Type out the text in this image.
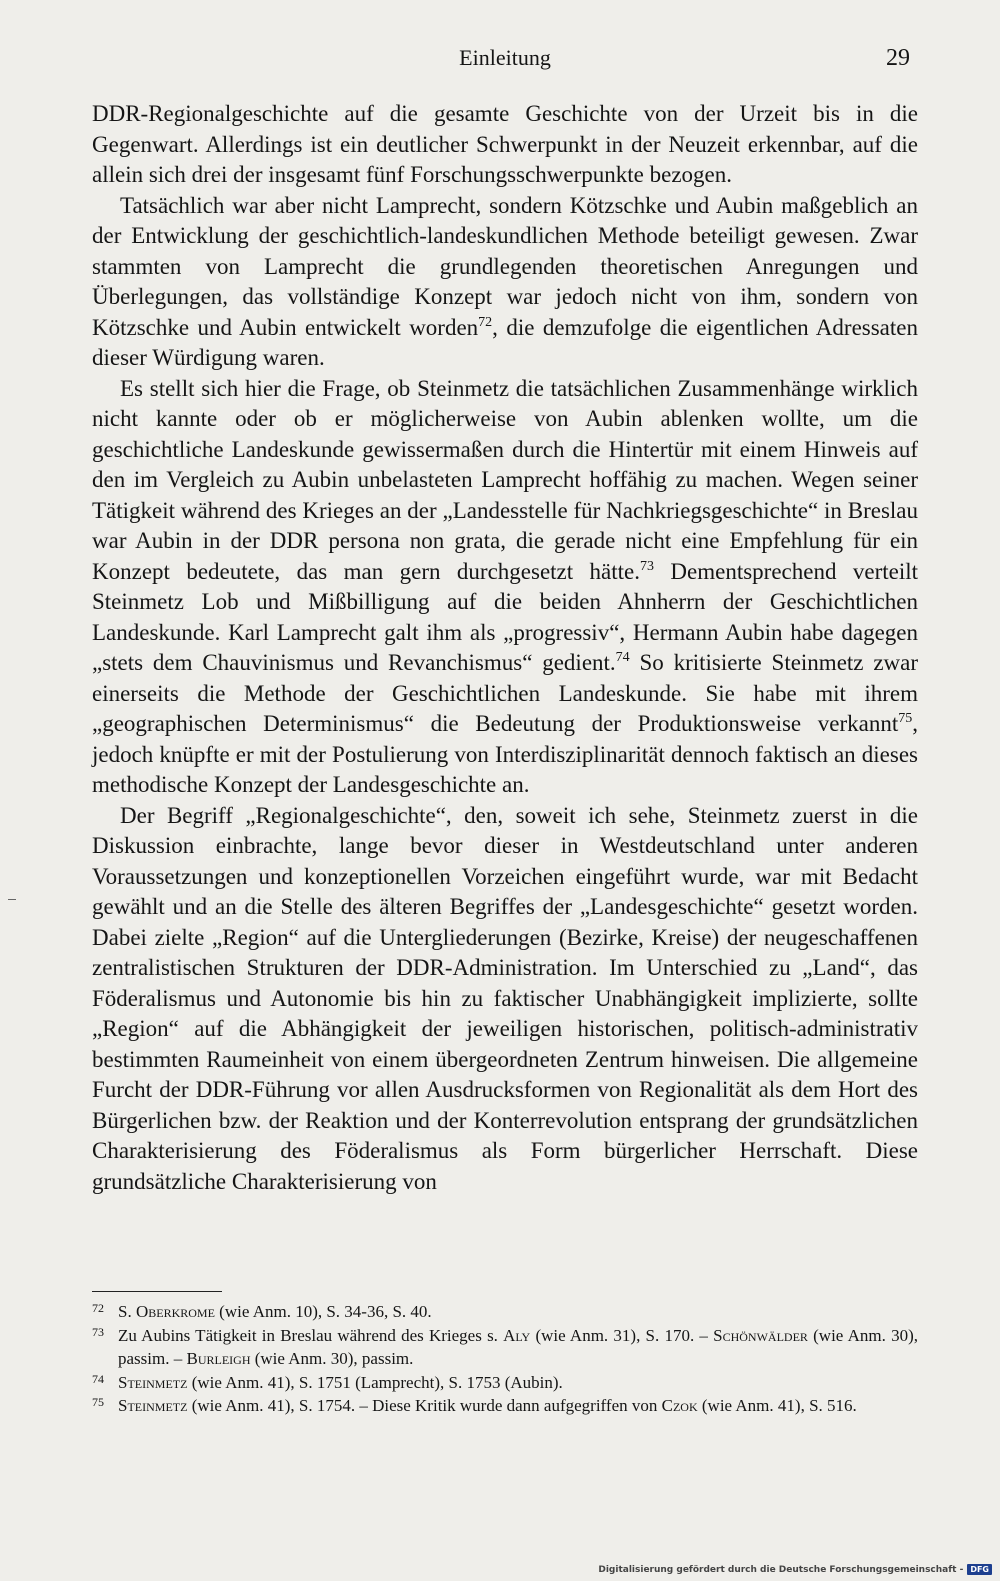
Einleitung	29

DDR-Regionalgeschichte auf die gesamte Geschichte von der Urzeit bis in die Gegenwart. Allerdings ist ein deutlicher Schwerpunkt in der Neuzeit erkennbar, auf die allein sich drei der insgesamt fünf Forschungsschwerpunkte bezogen.

Tatsächlich war aber nicht Lamprecht, sondern Kötzschke und Aubin maßgeblich an der Entwicklung der geschichtlich-landeskundlichen Methode beteiligt gewesen. Zwar stammten von Lamprecht die grundlegenden theoretischen Anregungen und Überlegungen, das vollständige Konzept war jedoch nicht von ihm, sondern von Kötzschke und Aubin entwickelt worden$^{72}$, die demzufolge die eigentlichen Adressaten dieser Würdigung waren.

Es stellt sich hier die Frage, ob Steinmetz die tatsächlichen Zusammenhänge wirklich nicht kannte oder ob er möglicherweise von Aubin ablenken wollte, um die geschichtliche Landeskunde gewissermaßen durch die Hintertür mit einem Hinweis auf den im Vergleich zu Aubin unbelasteten Lamprecht hoffähig zu machen. Wegen seiner Tätigkeit während des Krieges an der „Landesstelle für Nachkriegsgeschichte“ in Breslau war Aubin in der DDR persona non grata, die gerade nicht eine Empfehlung für ein Konzept bedeutete, das man gern durchgesetzt hätte.$^{73}$ Dementsprechend verteilt Steinmetz Lob und Mißbilligung auf die beiden Ahnherrn der Geschichtlichen Landeskunde. Karl Lamprecht galt ihm als „progressiv“, Hermann Aubin habe dagegen „stets dem Chauvinismus und Revanchismus“ gedient.$^{74}$ So kritisierte Steinmetz zwar einerseits die Methode der Geschichtlichen Landeskunde. Sie habe mit ihrem „geographischen Determinismus“ die Bedeutung der Produktionsweise verkannt$^{75}$, jedoch knüpfte er mit der Postulierung von Interdisziplinarität dennoch faktisch an dieses methodische Konzept der Landesgeschichte an.

Der Begriff „Regionalgeschichte“, den, soweit ich sehe, Steinmetz zuerst in die Diskussion einbrachte, lange bevor dieser in Westdeutschland unter anderen Voraussetzungen und konzeptionellen Vorzeichen eingeführt wurde, war mit Bedacht gewählt und an die Stelle des älteren Begriffes der „Landesgeschichte“ gesetzt worden. Dabei zielte „Region“ auf die Untergliederungen (Bezirke, Kreise) der neugeschaffenen zentralistischen Strukturen der DDR-Administration. Im Unterschied zu „Land“, das Föderalismus und Autonomie bis hin zu faktischer Unabhängigkeit implizierte, sollte „Region“ auf die Abhängigkeit der jeweiligen historischen, politisch-administrativ bestimmten Raumeinheit von einem übergeordneten Zentrum hinweisen. Die allgemeine Furcht der DDR-Führung vor allen Ausdrucksformen von Regionalität als dem Hort des Bürgerlichen bzw. der Reaktion und der Konterrevolution entsprang der grundsätzlichen Charakterisierung des Föderalismus als Form bürgerlicher Herrschaft. Diese grundsätzliche Charakterisierung von

72 S. Oberkrome (wie Anm. 10), S. 34-36, S. 40.
73 Zu Aubins Tätigkeit in Breslau während des Krieges s. Aly (wie Anm. 31), S. 170. – Schönwälder (wie Anm. 30), passim. – Burleigh (wie Anm. 30), passim.
74 Steinmetz (wie Anm. 41), S. 1751 (Lamprecht), S. 1753 (Aubin).
75 Steinmetz (wie Anm. 41), S. 1754. – Diese Kritik wurde dann aufgegriffen von Czok (wie Anm. 41), S. 516.
Digitalisierung gefördert durch die Deutsche Forschungsgemeinschaft - DFG
